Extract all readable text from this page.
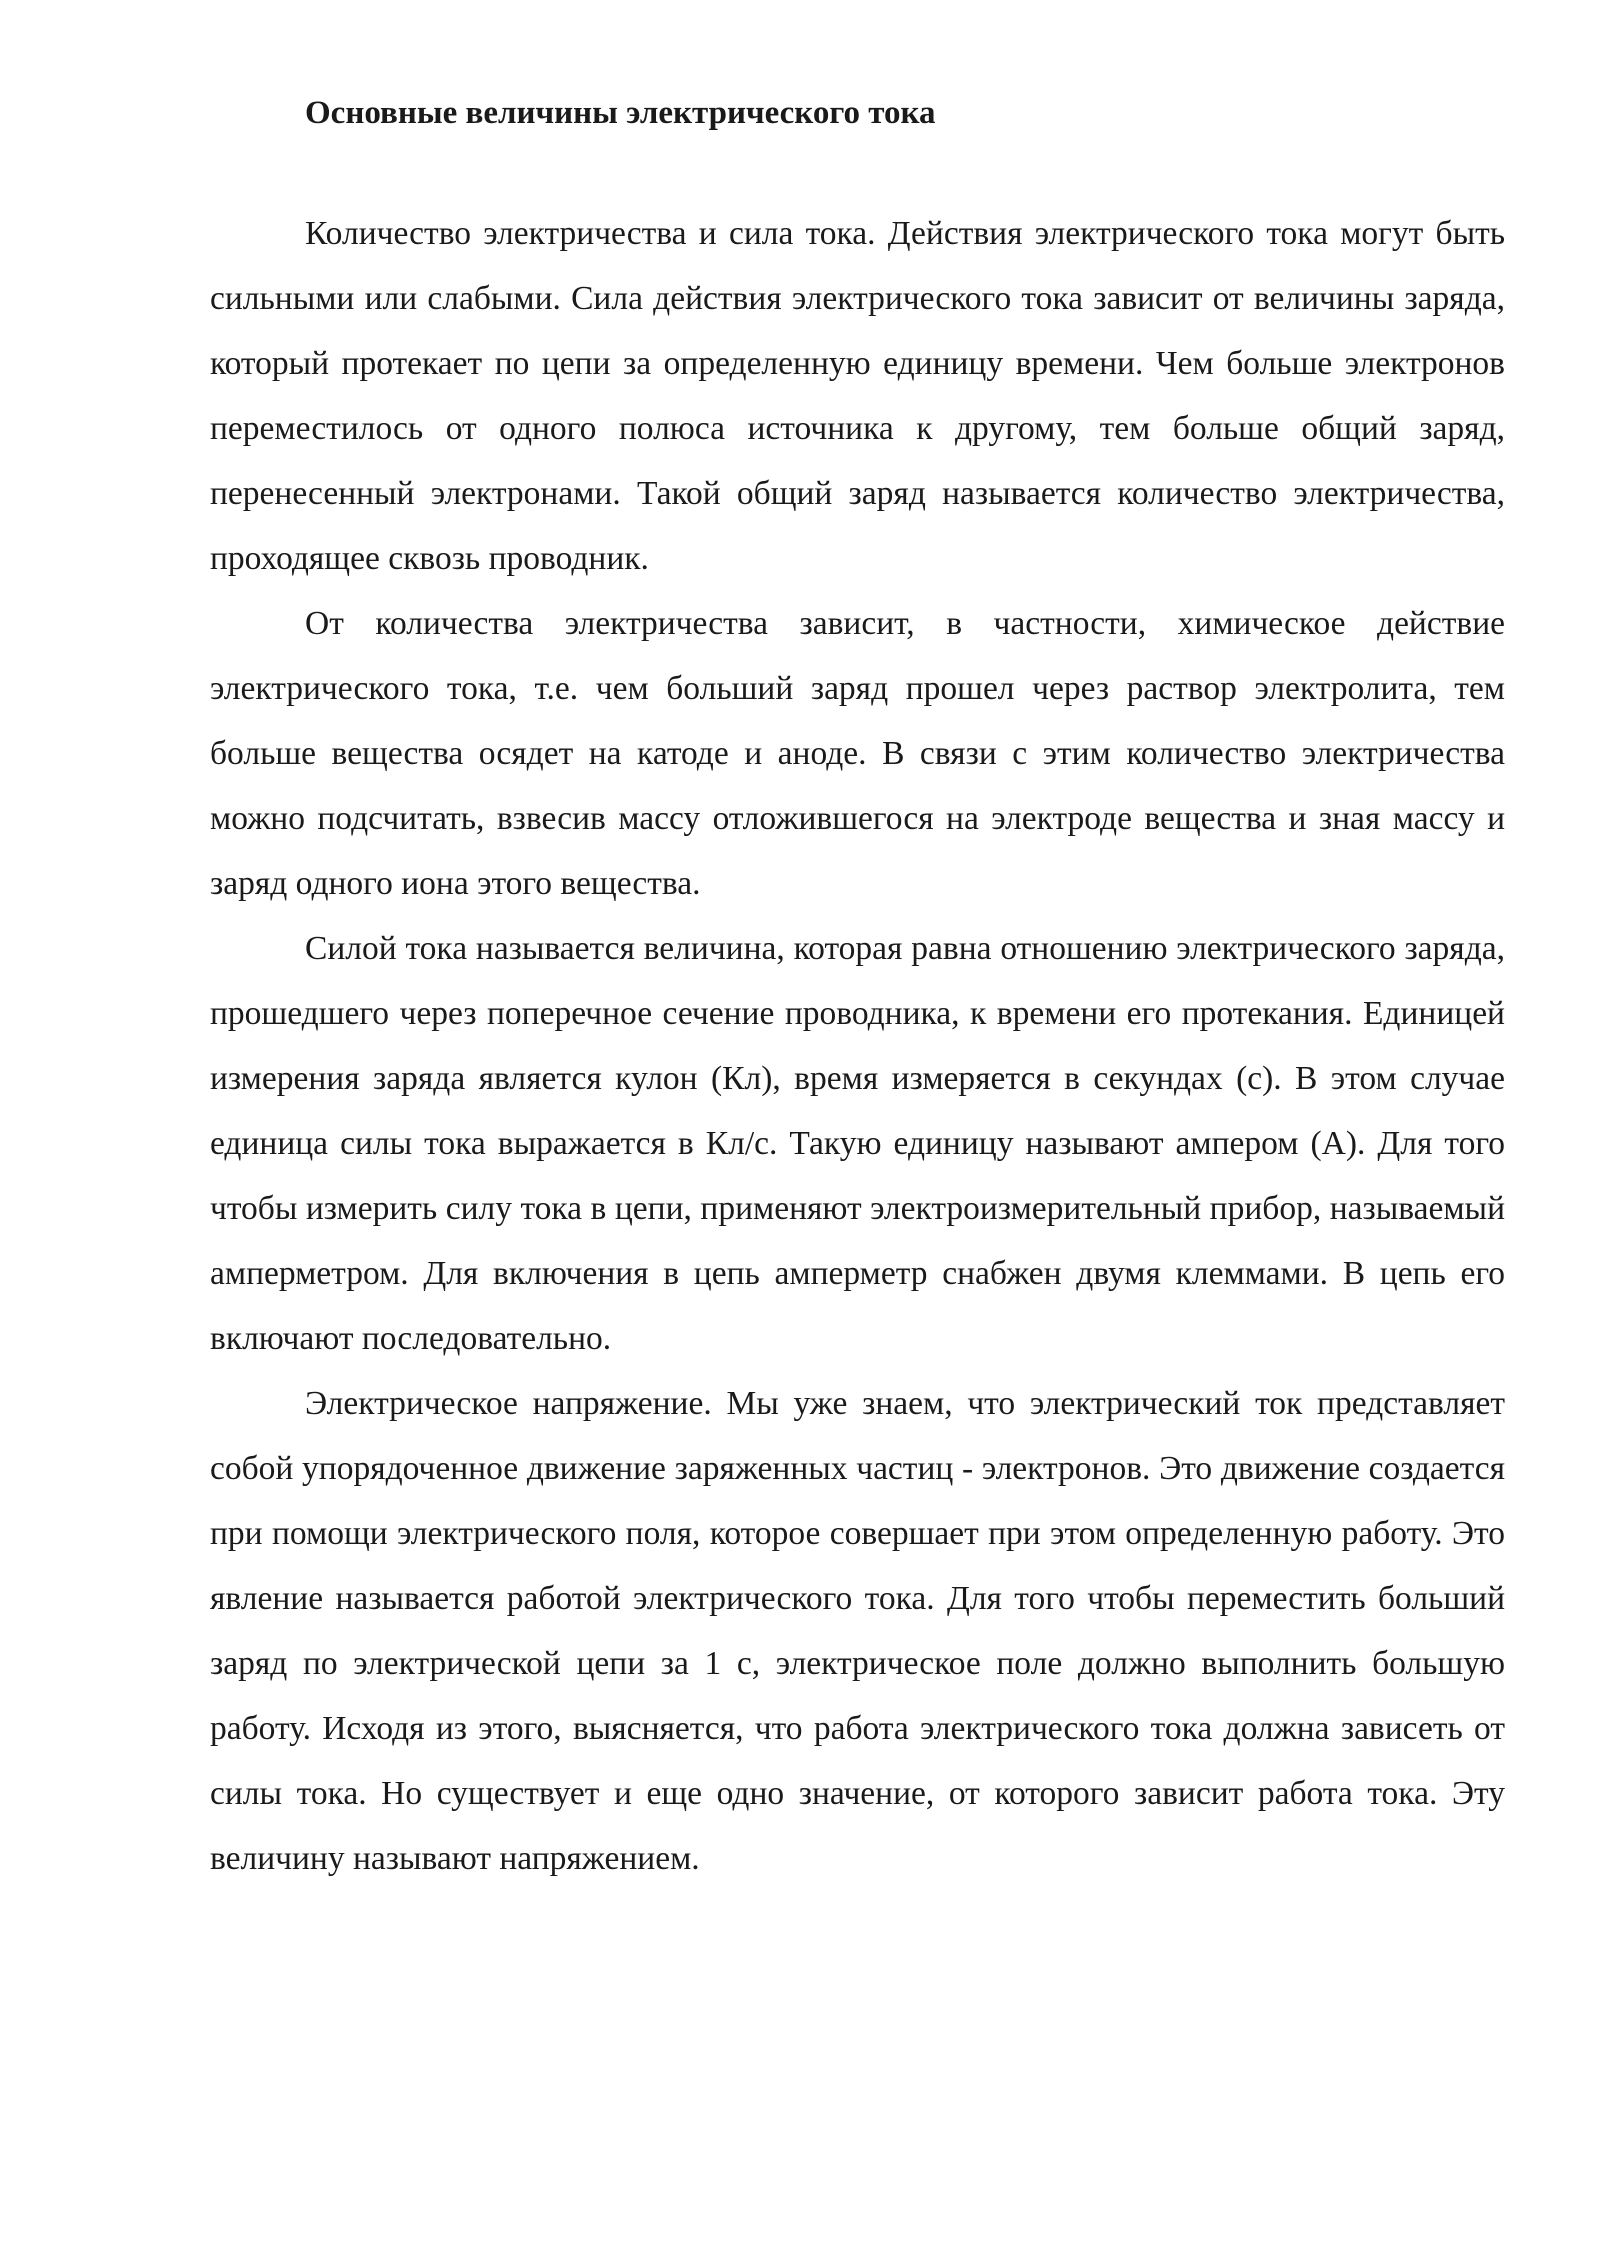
Основные величины электрического тока

Количество электричества и сила тока. Действия электрического тока могут быть сильными или слабыми. Сила действия электрического тока зависит от величины заряда, который протекает по цепи за определенную единицу времени. Чем больше электронов переместилось от одного полюса источника к другому, тем больше общий заряд, перенесенный электронами. Такой общий заряд называется количество электричества, проходящее сквозь проводник.

От количества электричества зависит, в частности, химическое действие электрического тока, т.е. чем больший заряд прошел через раствор электролита, тем больше вещества осядет на катоде и аноде. В связи с этим количество электричества можно подсчитать, взвесив массу отложившегося на электроде вещества и зная массу и заряд одного иона этого вещества.

Силой тока называется величина, которая равна отношению электрического заряда, прошедшего через поперечное сечение проводника, к времени его протекания. Единицей измерения заряда является кулон (Кл), время измеряется в секундах (с). В этом случае единица силы тока выражается в Кл/с. Такую единицу называют ампером (А). Для того чтобы измерить силу тока в цепи, применяют электроизмерительный прибор, называемый амперметром. Для включения в цепь амперметр снабжен двумя клеммами. В цепь его включают последовательно.

Электрическое напряжение. Мы уже знаем, что электрический ток представляет собой упорядоченное движение заряженных частиц - электронов. Это движение создается при помощи электрического поля, которое совершает при этом определенную работу. Это явление называется работой электрического тока. Для того чтобы переместить больший заряд по электрической цепи за 1 с, электрическое поле должно выполнить большую работу. Исходя из этого, выясняется, что работа электрического тока должна зависеть от силы тока. Но существует и еще одно значение, от которого зависит работа тока. Эту величину называют напряжением.
